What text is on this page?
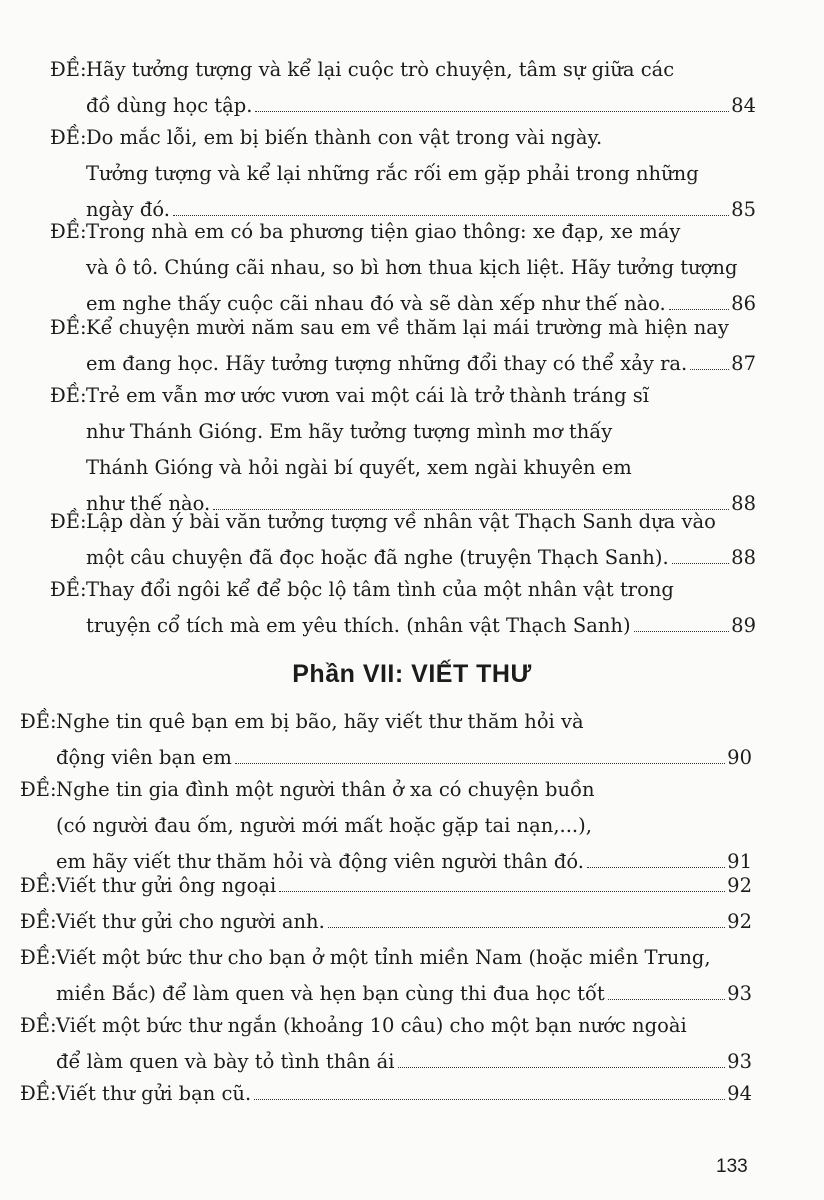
ĐỀ:Hãy tưởng tượng và kể lại cuộc trò chuyện, tâm sự giữa các
đồ dùng học tập.	84
ĐỀ:Do mắc lỗi, em bị biến thành con vật trong vài ngày.
Tưởng tượng và kể lại những rắc rối em gặp phải trong những
ngày đó.	85
ĐỀ:Trong nhà em có ba phương tiện giao thông: xe đạp, xe máy
và ô tô. Chúng cãi nhau, so bì hơn thua kịch liệt. Hãy tưởng tượng
em nghe thấy cuộc cãi nhau đó và sẽ dàn xếp như thế nào.	86
ĐỀ:Kể chuyện mười năm sau em về thăm lại mái trường mà hiện nay
em đang học. Hãy tưởng tượng những đổi thay có thể xảy ra. 87
ĐỀ:Trẻ em vẫn mơ ước vươn vai một cái là trở thành tráng sĩ
như Thánh Gióng. Em hãy tưởng tượng mình mơ thấy
Thánh Gióng và hỏi ngài bí quyết, xem ngài khuyên em
như thế nào.	88
ĐỀ:Lập dàn ý bài văn tưởng tượng về nhân vật Thạch Sanh dựa vào
một câu chuyện đã đọc hoặc đã nghe (truyện Thạch Sanh).	88
ĐỀ:Thay đổi ngôi kể để bộc lộ tâm tình của một nhân vật trong
truyện cổ tích mà em yêu thích. (nhân vật Thạch Sanh)	89
Phần VII: VIẾT THƯ
ĐỀ:Nghe tin quê bạn em bị bão, hãy viết thư thăm hỏi và
động viên bạn em	90
ĐỀ:Nghe tin gia đình một người thân ở xa có chuyện buồn
(có người đau ốm, người mới mất hoặc gặp tai nạn,...),
em hãy viết thư thăm hỏi và động viên người thân đó.	91
ĐỀ: Viết thư gửi ông ngoại	92
ĐỀ: Viết thư gửi cho người anh.	92
ĐỀ:Viết một bức thư cho bạn ở một tỉnh miền Nam (hoặc miền Trung,
miền Bắc) để làm quen và hẹn bạn cùng thi đua học tốt	93
ĐỀ:Viết một bức thư ngắn (khoảng 10 câu) cho một bạn nước ngoài
để làm quen và bày tỏ tình thân ái	93
ĐỀ: Viết thư gửi bạn cũ.	94
133
